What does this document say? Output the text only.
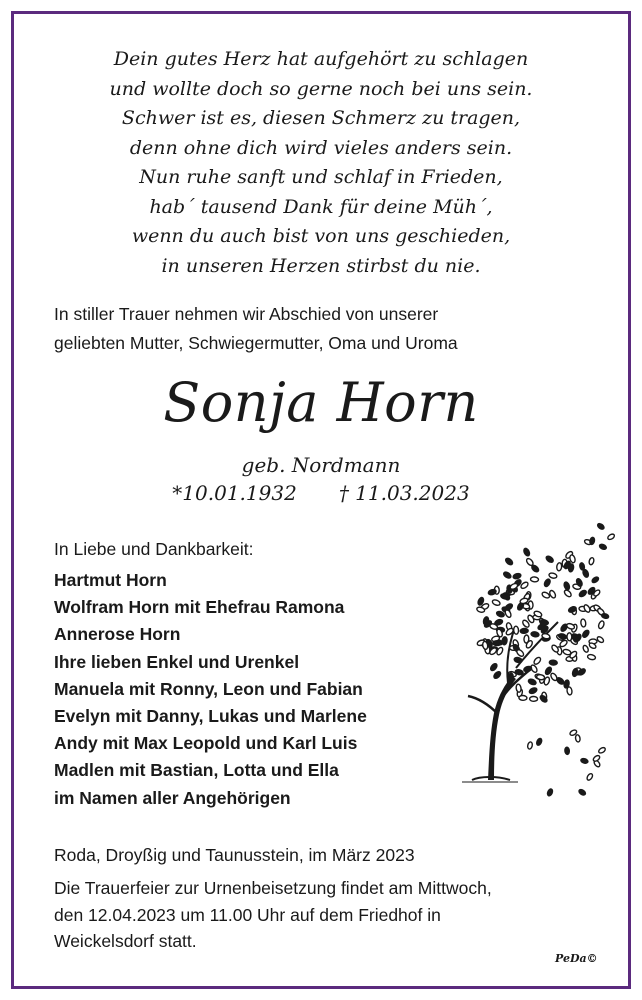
Dein gutes Herz hat aufgehört zu schlagen
und wollte doch so gerne noch bei uns sein.
Schwer ist es, diesen Schmerz zu tragen,
denn ohne dich wird vieles anders sein.
Nun ruhe sanft und schlaf in Frieden,
hab´ tausend Dank für deine Müh´,
wenn du auch bist von uns geschieden,
in unseren Herzen stirbst du nie.
In stiller Trauer nehmen wir Abschied von unserer
geliebten Mutter, Schwiegermutter, Oma und Uroma
Sonja Horn
geb. Nordmann
*10.01.1932 † 11.03.2023
In Liebe und Dankbarkeit:
Hartmut Horn
Wolfram Horn mit Ehefrau Ramona
Annerose Horn
Ihre lieben Enkel und Urenkel
Manuela mit Ronny, Leon und Fabian
Evelyn mit Danny, Lukas und Marlene
Andy mit Max Leopold und Karl Luis
Madlen mit Bastian, Lotta und Ella
im Namen aller Angehörigen
Roda, Droyßig und Taunusstein, im März 2023
Die Trauerfeier zur Urnenbeisetzung findet am Mittwoch,
den 12.04.2023 um 11.00 Uhr auf dem Friedhof in
Weickelsdorf statt.
PeDa©
